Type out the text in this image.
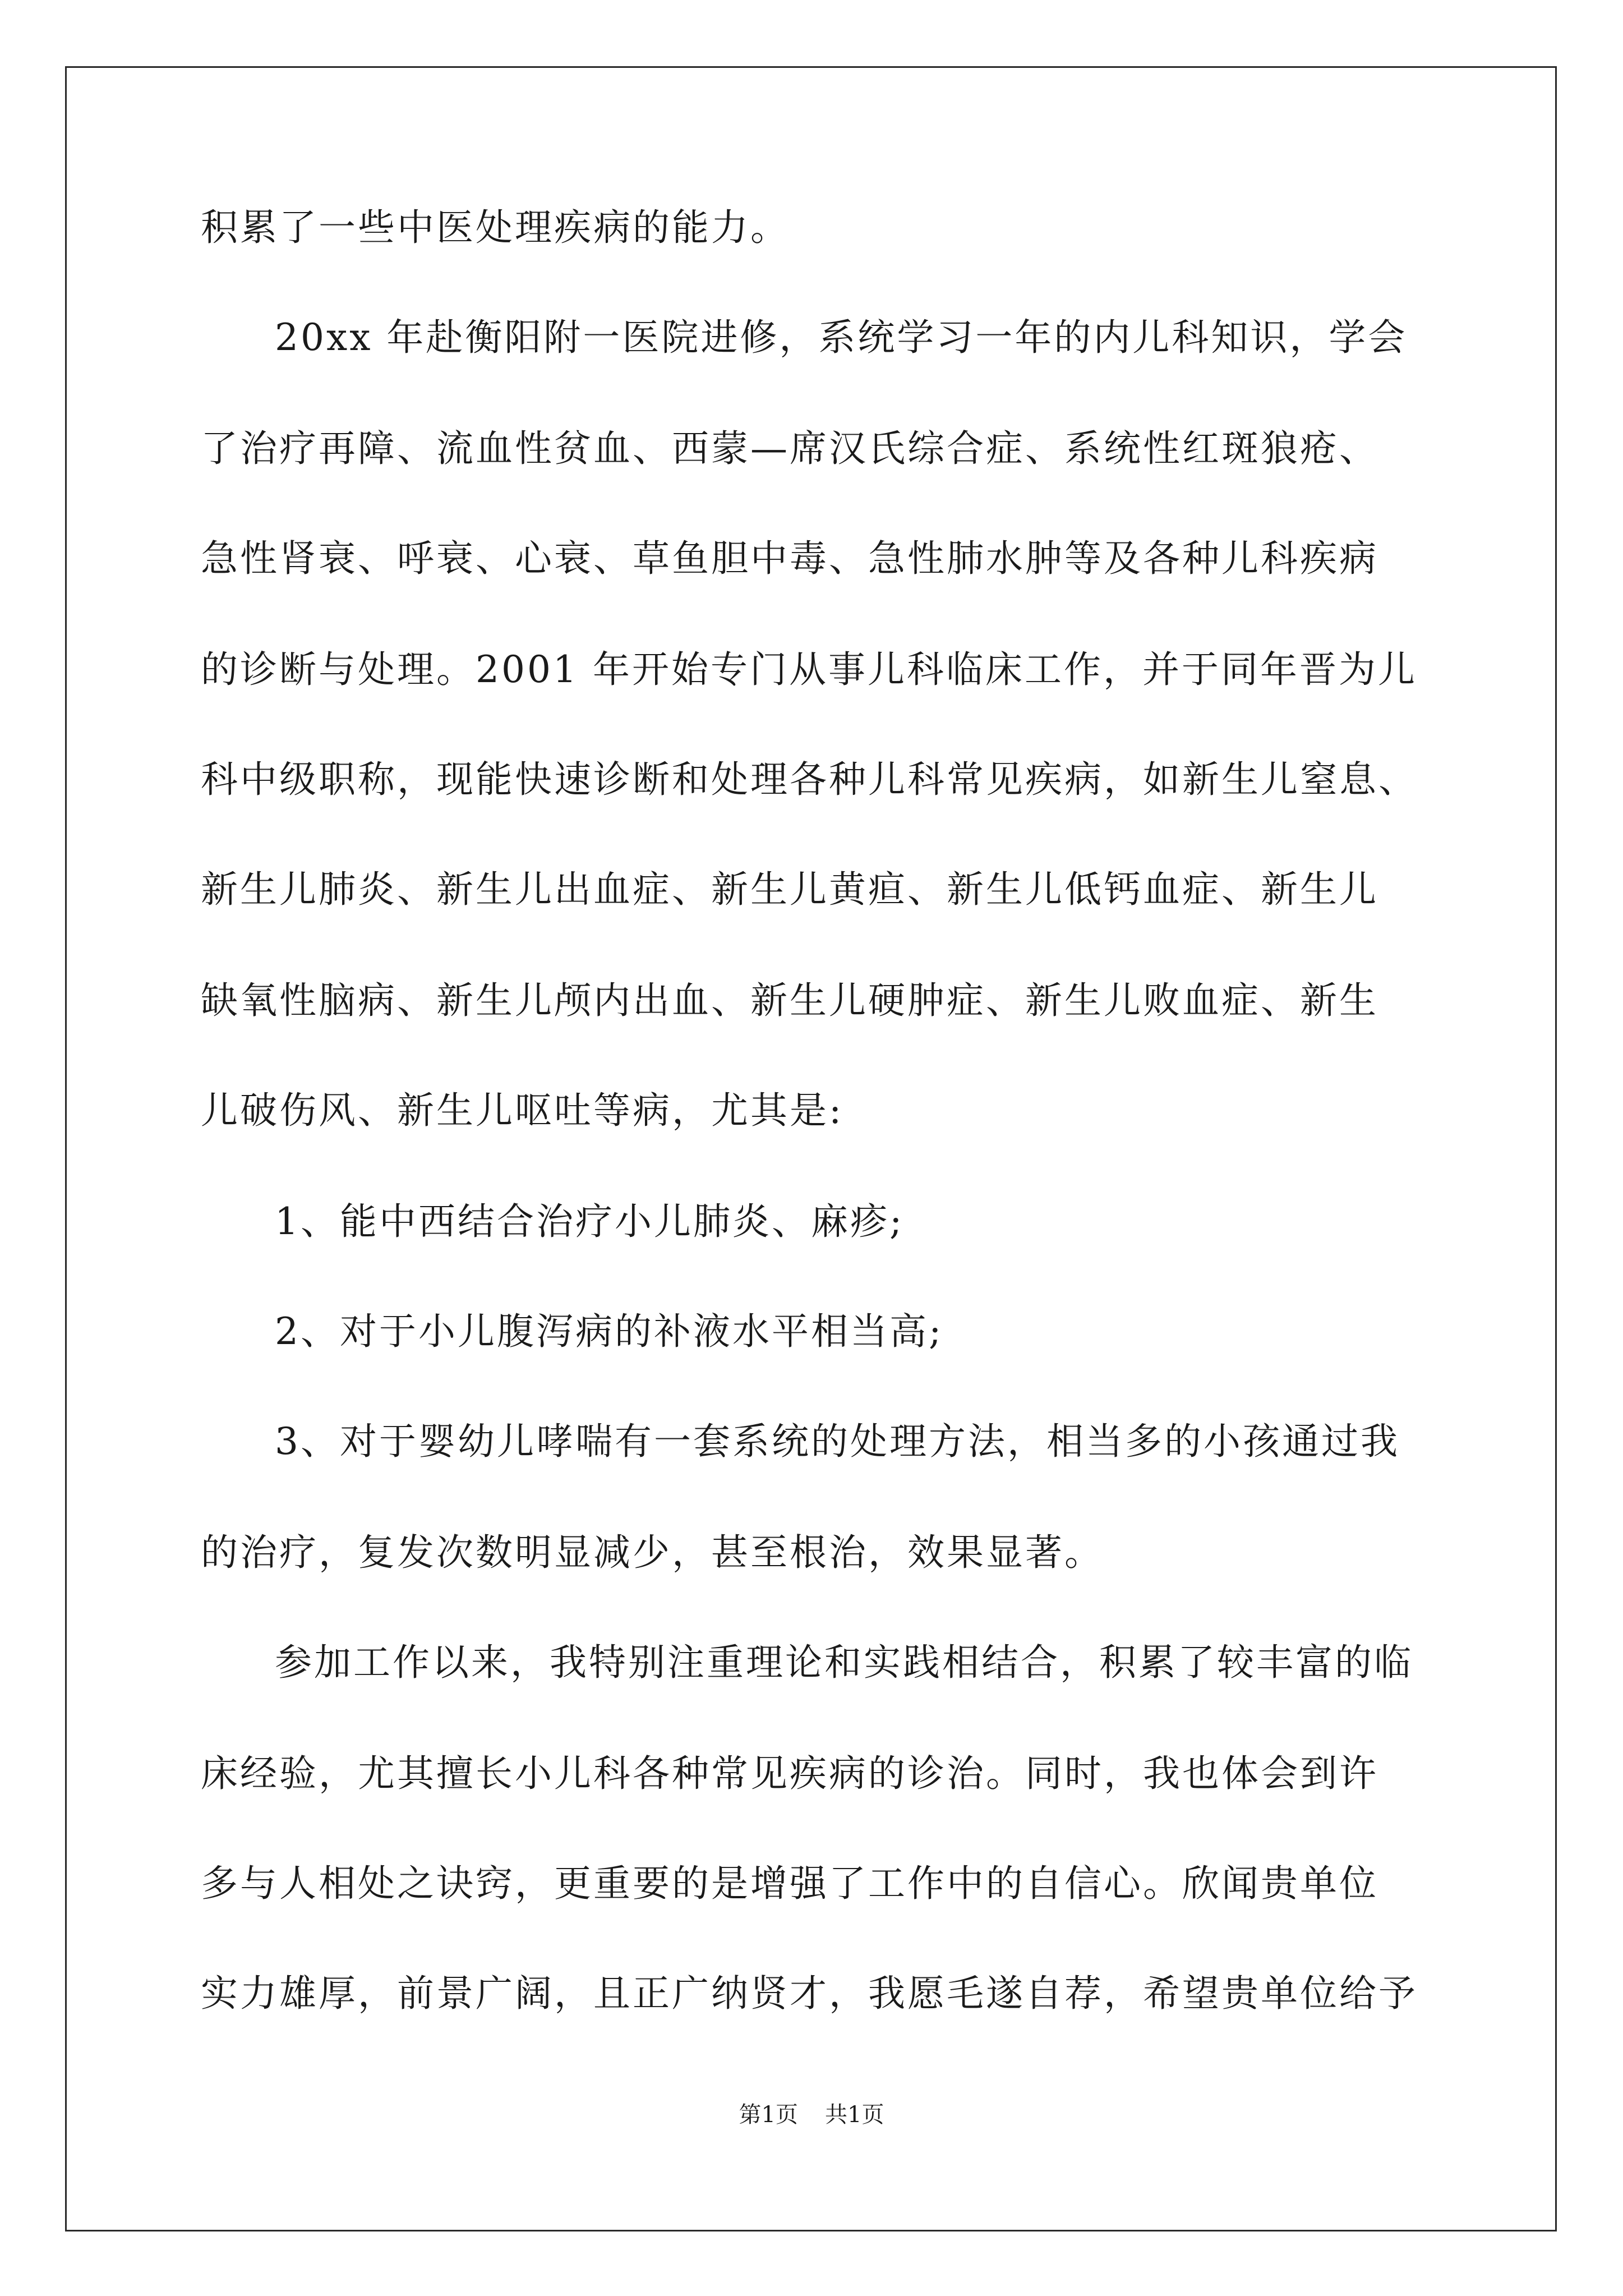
积累了一些中医处理疾病的能力。
20xx 年赴衡阳附一医院进修，系统学习一年的内儿科知识，学会
了治疗再障、流血性贫血、西蒙—席汉氏综合症、系统性红斑狼疮、
急性肾衰、呼衰、心衰、草鱼胆中毒、急性肺水肿等及各种儿科疾病
的诊断与处理。2001 年开始专门从事儿科临床工作，并于同年晋为儿
科中级职称，现能快速诊断和处理各种儿科常见疾病，如新生儿窒息、
新生儿肺炎、新生儿出血症、新生儿黄疸、新生儿低钙血症、新生儿
缺氧性脑病、新生儿颅内出血、新生儿硬肿症、新生儿败血症、新生
儿破伤风、新生儿呕吐等病，尤其是:
1、能中西结合治疗小儿肺炎、麻疹;
2、对于小儿腹泻病的补液水平相当高;
3、对于婴幼儿哮喘有一套系统的处理方法，相当多的小孩通过我
的治疗，复发次数明显减少，甚至根治，效果显著。
参加工作以来，我特别注重理论和实践相结合，积累了较丰富的临
床经验，尤其擅长小儿科各种常见疾病的诊治。同时，我也体会到许
多与人相处之诀窍，更重要的是增强了工作中的自信心。欣闻贵单位
实力雄厚，前景广阔，且正广纳贤才，我愿毛遂自荐，希望贵单位给予
第1页 共1页
